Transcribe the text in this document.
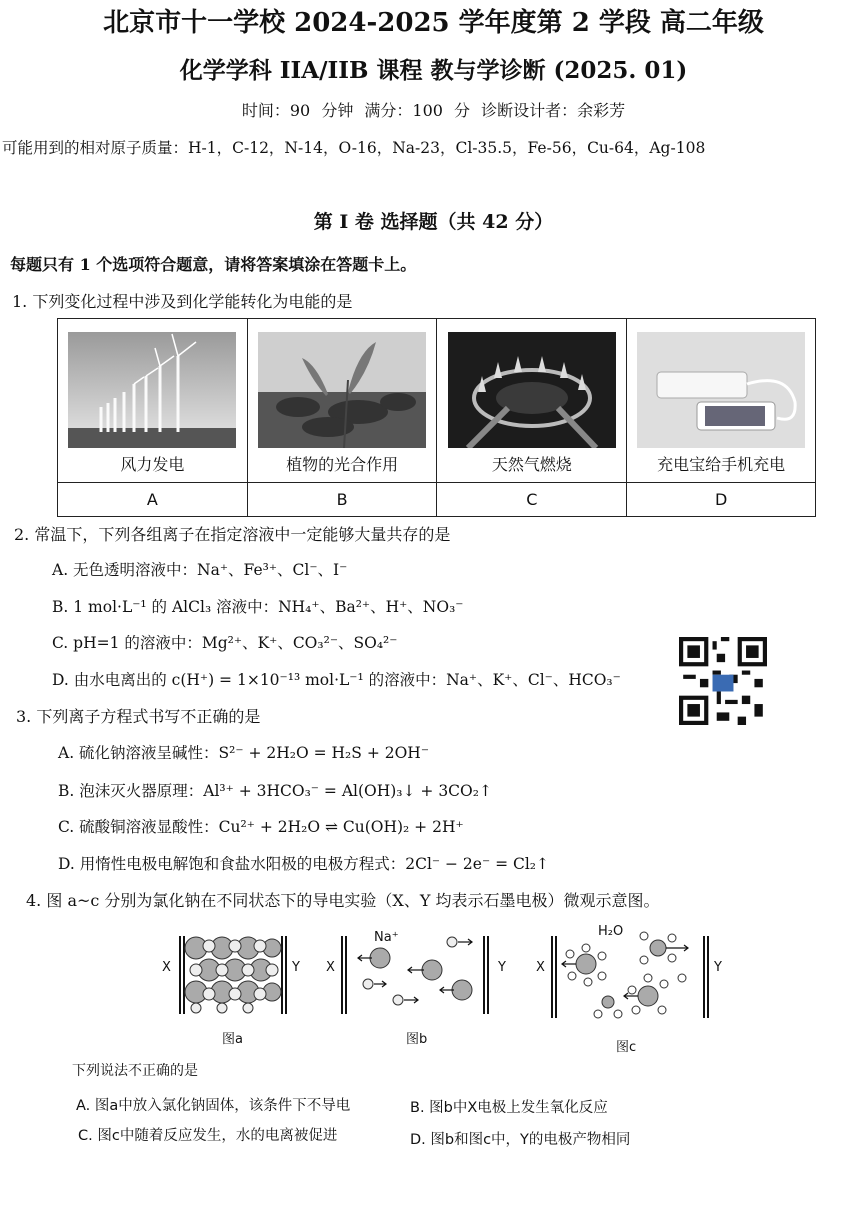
北京市十一学校 2024-2025 学年度第 2 学段 高二年级
化学学科 IIA/IIB 课程 教与学诊断 (2025. 01)
时间：90 分钟 满分：100 分 诊断设计者：余彩芳
可能用到的相对原子质量：H-1，C-12，N-14，O-16，Na-23，Cl-35.5，Fe-56，Cu-64，Ag-108
第 I 卷 选择题（共 42 分）
每题只有 1 个选项符合题意，请将答案填涂在答题卡上。
1. 下列变化过程中涉及到化学能转化为电能的是
风力发电	植物的光合作用	天然气燃烧	充电宝给手机充电

A	B	C	D
2. 常温下，下列各组离子在指定溶液中一定能够大量共存的是
A. 无色透明溶液中：Na⁺、Fe³⁺、Cl⁻、I⁻
B. 1 mol·L⁻¹ 的 AlCl₃ 溶液中：NH₄⁺、Ba²⁺、H⁺、NO₃⁻
C. pH=1 的溶液中：Mg²⁺、K⁺、CO₃²⁻、SO₄²⁻
D. 由水电离出的 c(H⁺) = 1×10⁻¹³ mol·L⁻¹ 的溶液中：Na⁺、K⁺、Cl⁻、HCO₃⁻
3. 下列离子方程式书写不正确的是
A. 硫化钠溶液呈碱性：S²⁻ + 2H₂O = H₂S + 2OH⁻
B. 泡沫灭火器原理：Al³⁺ + 3HCO₃⁻ = Al(OH)₃↓ + 3CO₂↑
C. 硫酸铜溶液显酸性：Cu²⁺ + 2H₂O ⇌ Cu(OH)₂ + 2H⁺
D. 用惰性电极电解饱和食盐水阳极的电极方程式：2Cl⁻ − 2e⁻ = Cl₂↑
4. 图 a~c 分别为氯化钠在不同状态下的导电实验（X、Y 均表示石墨电极）微观示意图。
X	Y
图a
X	Y
Na⁺
图b
X	Y
H₂O
图c
下列说法不正确的是
A. 图a中放入氯化钠固体，该条件下不导电	B. 图b中X电极上发生氧化反应
C. 图c中随着反应发生，水的电离被促进	D. 图b和图c中，Y的电极产物相同
